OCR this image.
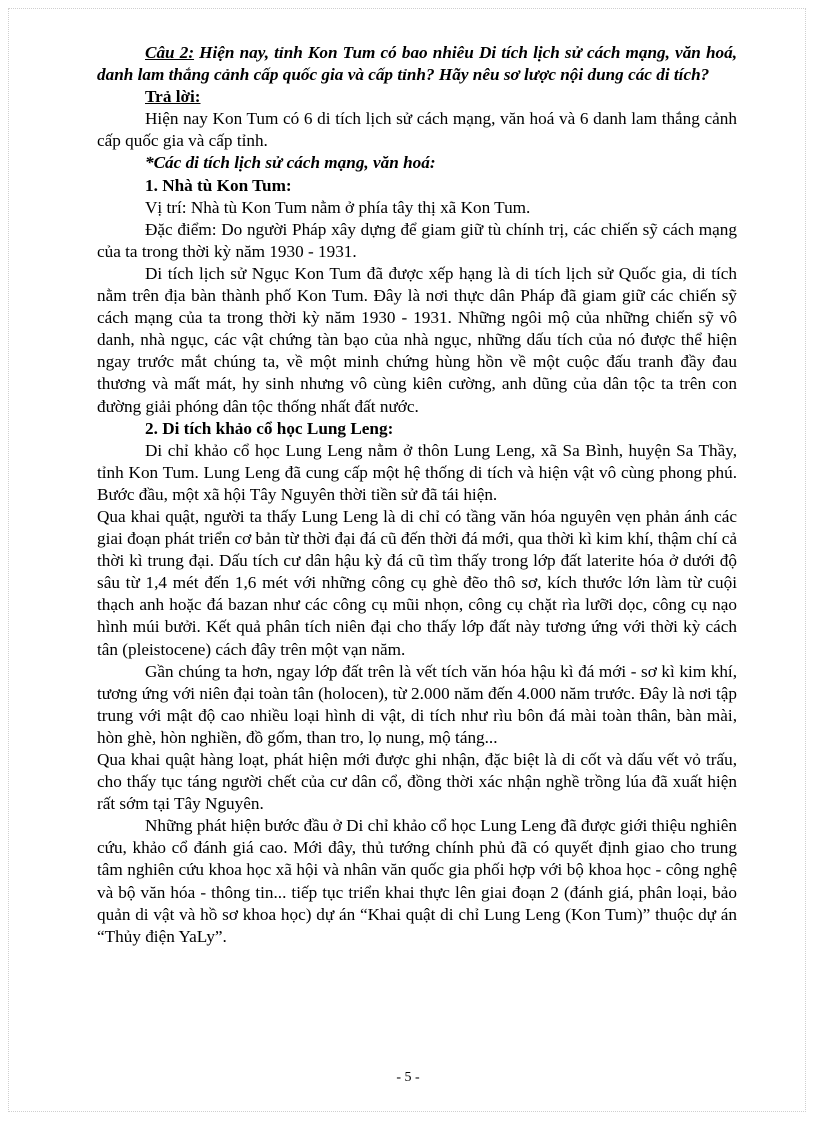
Câu 2: Hiện nay, tỉnh Kon Tum có bao nhiêu Di tích lịch sử cách mạng, văn hoá, danh lam thắng cảnh cấp quốc gia và cấp tỉnh? Hãy nêu sơ lược nội dung các di tích?

Trả lời:

Hiện nay Kon Tum có 6 di tích lịch sử cách mạng, văn hoá và 6 danh lam thắng cảnh cấp quốc gia và cấp tỉnh.

*Các di tích lịch sử cách mạng, văn hoá:

1. Nhà tù Kon Tum:

Vị trí: Nhà tù Kon Tum nằm ở phía tây thị xã Kon Tum.

Đặc điểm: Do người Pháp xây dựng để giam giữ tù chính trị, các chiến sỹ cách mạng của ta trong thời kỳ năm 1930 - 1931.

Di tích lịch sử Ngục Kon Tum đã được xếp hạng là di tích lịch sử Quốc gia, di tích nằm trên địa bàn thành phố Kon Tum. Đây là nơi thực dân Pháp đã giam giữ các chiến sỹ cách mạng của ta trong thời kỳ năm 1930 - 1931. Những ngôi mộ của những chiến sỹ vô danh, nhà ngục, các vật chứng tàn bạo của nhà ngục, những dấu tích của nó được thể hiện ngay trước mắt chúng ta, về một minh chứng hùng hồn về một cuộc đấu tranh đầy đau thương và mất mát, hy sinh nhưng vô cùng kiên cường, anh dũng của dân tộc ta trên con đường giải phóng dân tộc thống nhất đất nước.

2. Di tích khảo cổ học Lung Leng:

Di chỉ khảo cổ học Lung Leng nằm ở thôn Lung Leng, xã Sa Bình, huyện Sa Thầy, tỉnh Kon Tum. Lung Leng đã cung cấp một hệ thống di tích và hiện vật vô cùng phong phú. Bước đầu, một xã hội Tây Nguyên thời tiền sử đã tái hiện.

Qua khai quật, người ta thấy Lung Leng là di chỉ có tầng văn hóa nguyên vẹn phản ánh các giai đoạn phát triển cơ bản từ thời đại đá cũ đến thời đá mới, qua thời kì kim khí, thậm chí cả thời kì trung đại. Dấu tích cư dân hậu kỳ đá cũ tìm thấy trong lớp đất laterite hóa ở dưới độ sâu từ 1,4 mét đến 1,6 mét với những công cụ ghè đẽo thô sơ, kích thước lớn làm từ cuội thạch anh hoặc đá bazan như các công cụ mũi nhọn, công cụ chặt rìa lưỡi dọc, công cụ nạo hình múi bưởi. Kết quả phân tích niên đại cho thấy lớp đất này tương ứng với thời kỳ cách tân (pleistocene) cách đây trên một vạn năm.

Gần chúng ta hơn, ngay lớp đất trên là vết tích văn hóa hậu kì đá mới - sơ kì kim khí, tương ứng với niên đại toàn tân (holocen), từ 2.000 năm đến 4.000 năm trước. Đây là nơi tập trung với mật độ cao nhiều loại hình di vật, di tích như rìu bôn đá mài toàn thân, bàn mài, hòn ghè, hòn nghiền, đồ gốm, than tro, lọ nung, mộ táng...

Qua khai quật hàng loạt, phát hiện mới được ghi nhận, đặc biệt là di cốt và dấu vết vỏ trấu, cho thấy tục táng người chết của cư dân cổ, đồng thời xác nhận nghề trồng lúa đã xuất hiện rất sớm tại Tây Nguyên.

Những phát hiện bước đầu ở Di chỉ khảo cổ học Lung Leng đã được giới thiệu nghiên cứu, khảo cổ đánh giá cao. Mới đây, thủ tướng chính phủ đã có quyết định giao cho trung tâm nghiên cứu khoa học xã hội và nhân văn quốc gia phối hợp với bộ khoa học - công nghệ và bộ văn hóa - thông tin... tiếp tục triển khai thực lên giai đoạn 2 (đánh giá, phân loại, bảo quản di vật và hồ sơ khoa học) dự án “Khai quật di chỉ Lung Leng (Kon Tum)” thuộc dự án “Thủy điện YaLy”.

- 5 -
